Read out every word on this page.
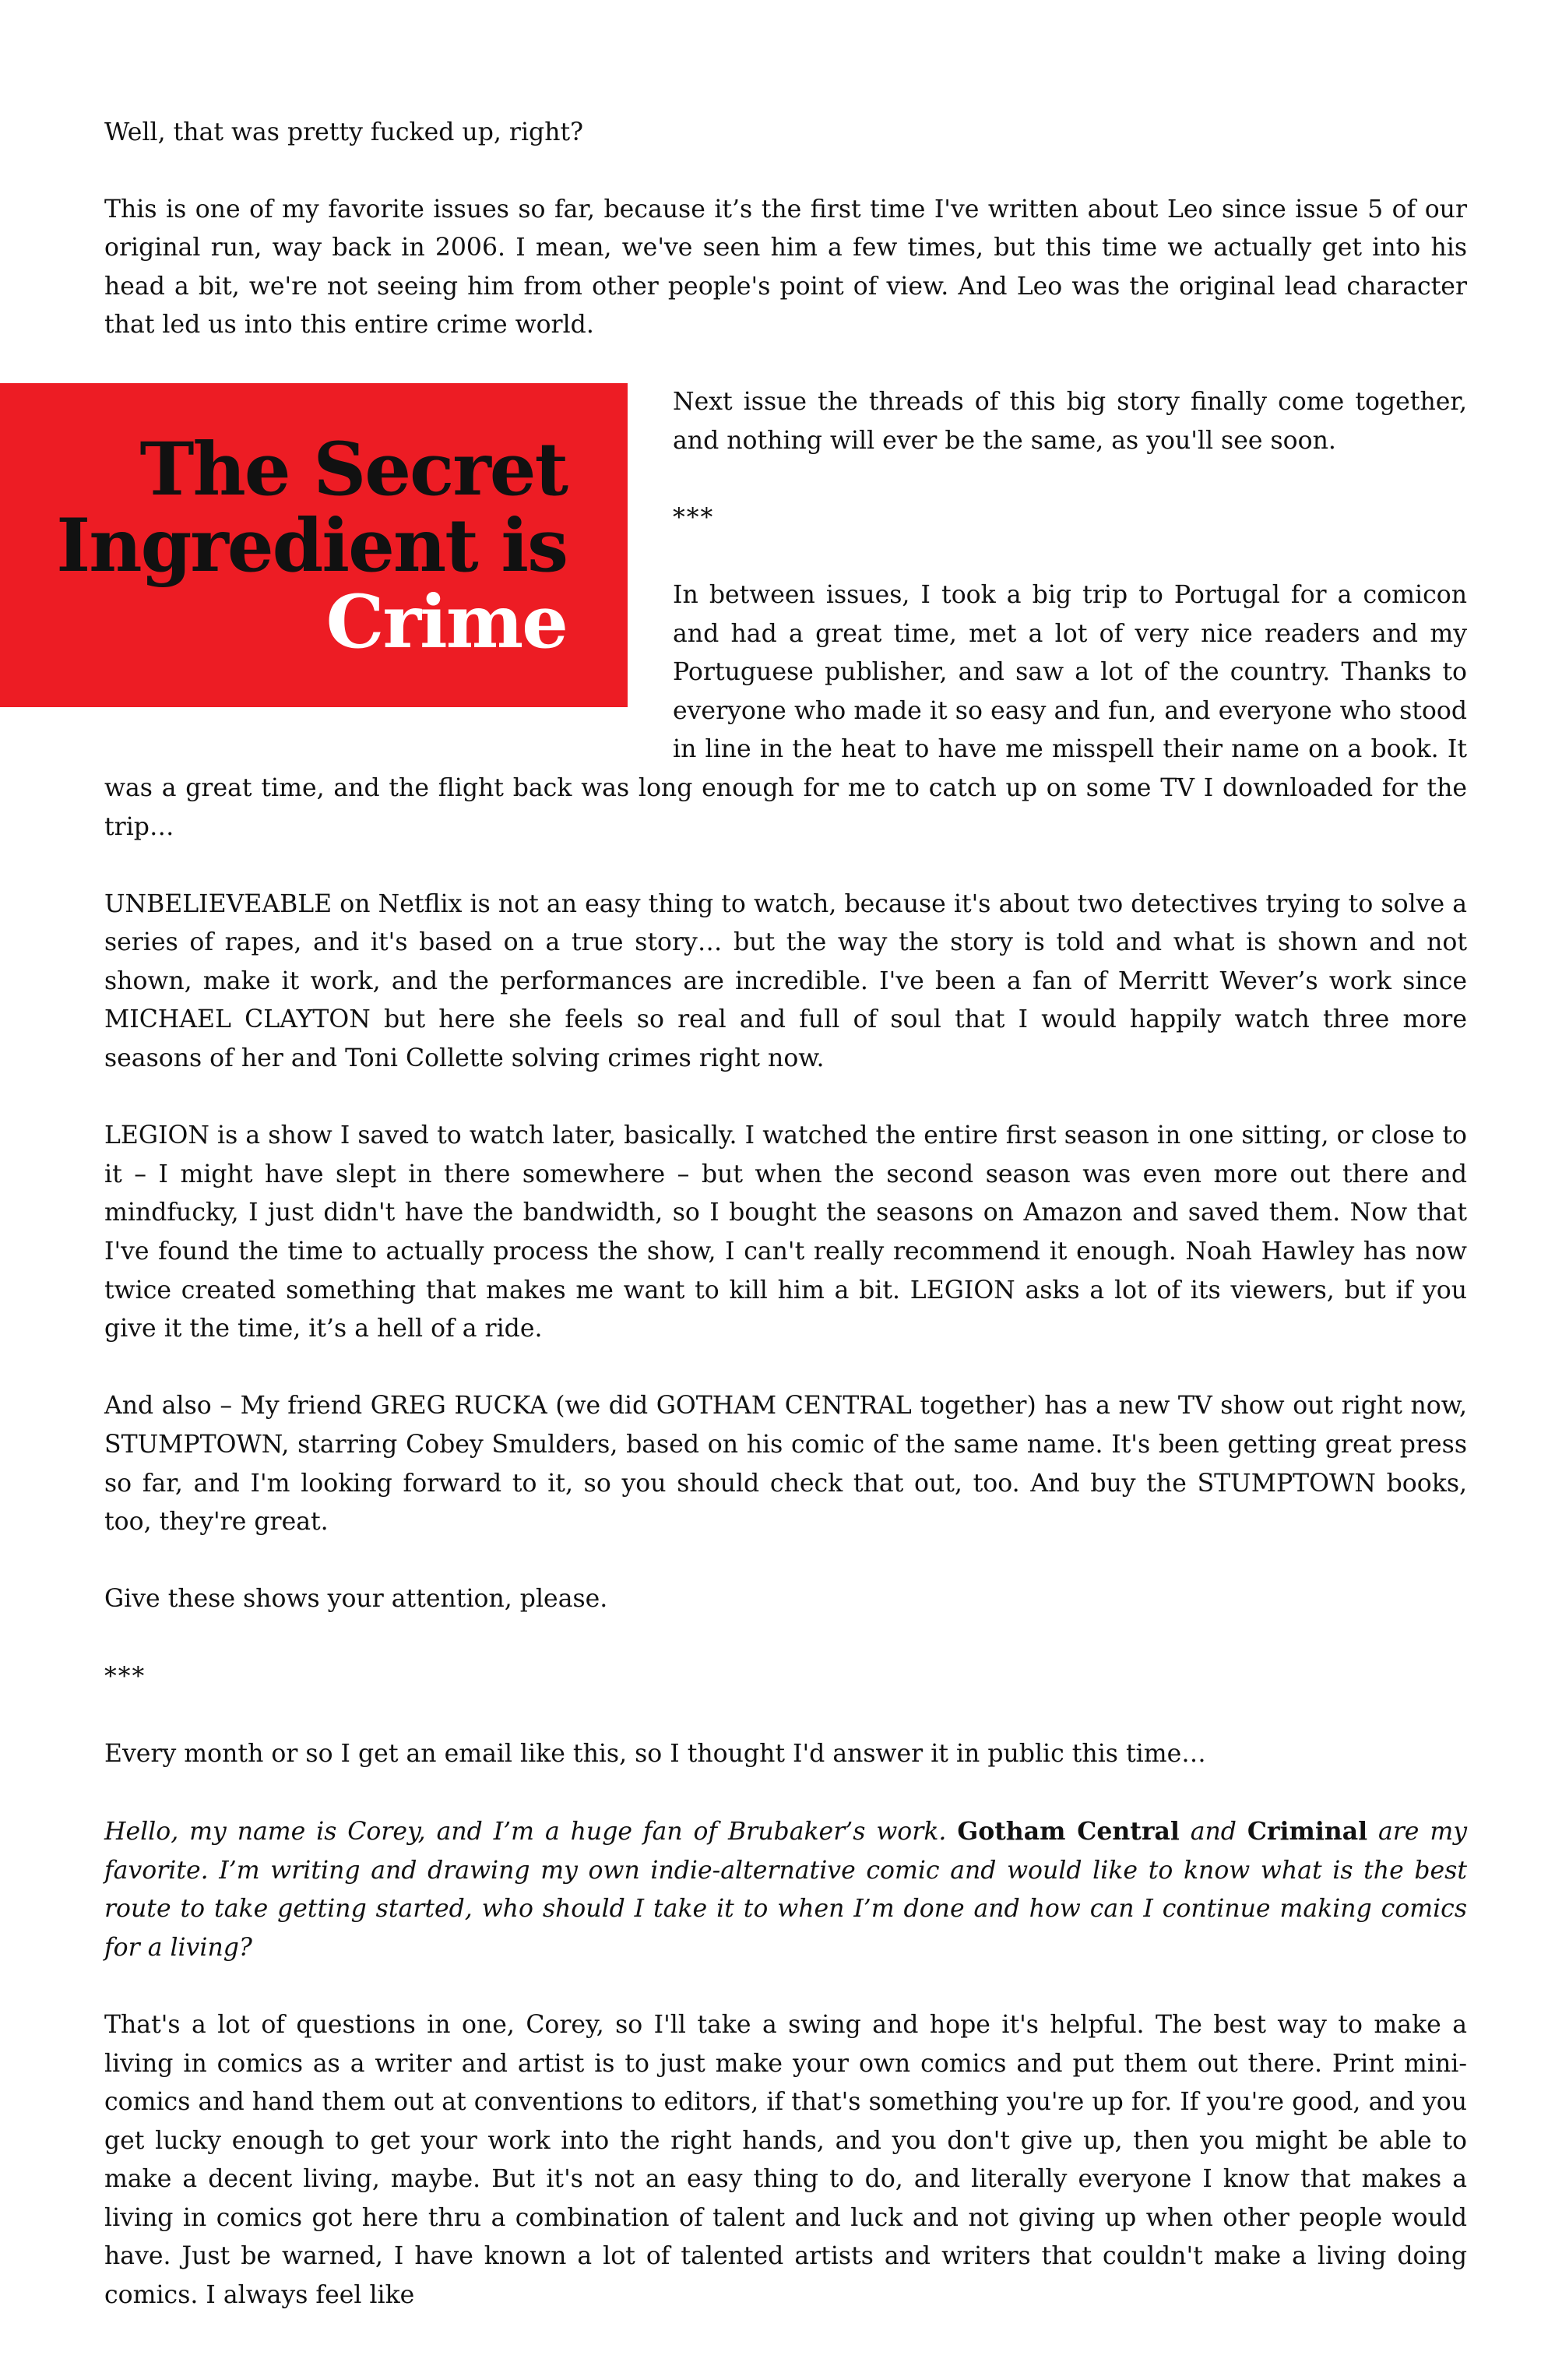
Well, that was pretty fucked up, right?

This is one of my favorite issues so far, because it’s the first time I've written about Leo since issue 5 of our original run, way back in 2006. I mean, we've seen him a few times, but this time we actually get into his head a bit, we're not seeing him from other people's point of view. And Leo was the original lead character that led us into this entire crime world.

The Secret
Ingredient is
Crime

Next issue the threads of this big story finally come together, and nothing will ever be the same, as you'll see soon.

***

In between issues, I took a big trip to Portugal for a comicon and had a great time, met a lot of very nice readers and my Portuguese publisher, and saw a lot of the country. Thanks to everyone who made it so easy and fun, and everyone who stood in line in the heat to have me misspell their name on a book. It was a great time, and the flight back was long enough for me to catch up on some TV I downloaded for the trip…

UNBELIEVEABLE on Netflix is not an easy thing to watch, because it's about two detectives trying to solve a series of rapes, and it's based on a true story… but the way the story is told and what is shown and not shown, make it work, and the performances are incredible. I've been a fan of Merritt Wever’s work since MICHAEL CLAYTON but here she feels so real and full of soul that I would happily watch three more seasons of her and Toni Collette solving crimes right now.

LEGION is a show I saved to watch later, basically. I watched the entire first season in one sitting, or close to it – I might have slept in there somewhere – but when the second season was even more out there and mindfucky, I just didn't have the bandwidth, so I bought the seasons on Amazon and saved them. Now that I've found the time to actually process the show, I can't really recommend it enough. Noah Hawley has now twice created something that makes me want to kill him a bit. LEGION asks a lot of its viewers, but if you give it the time, it’s a hell of a ride.

And also – My friend GREG RUCKA (we did GOTHAM CENTRAL together) has a new TV show out right now, STUMPTOWN, starring Cobey Smulders, based on his comic of the same name. It's been getting great press so far, and I'm looking forward to it, so you should check that out, too. And buy the STUMPTOWN books, too, they're great.

Give these shows your attention, please.

***

Every month or so I get an email like this, so I thought I'd answer it in public this time…

Hello, my name is Corey, and I’m a huge fan of Brubaker’s work. Gotham Central and Criminal are my favorite. I’m writing and drawing my own indie-alternative comic and would like to know what is the best route to take getting started, who should I take it to when I’m done and how can I continue making comics for a living?

That's a lot of questions in one, Corey, so I'll take a swing and hope it's helpful. The best way to make a living in comics as a writer and artist is to just make your own comics and put them out there. Print mini-comics and hand them out at conventions to editors, if that's something you're up for. If you're good, and you get lucky enough to get your work into the right hands, and you don't give up, then you might be able to make a decent living, maybe. But it's not an easy thing to do, and literally everyone I know that makes a living in comics got here thru a combination of talent and luck and not giving up when other people would have. Just be warned, I have known a lot of talented artists and writers that couldn't make a living doing comics. I always feel like
